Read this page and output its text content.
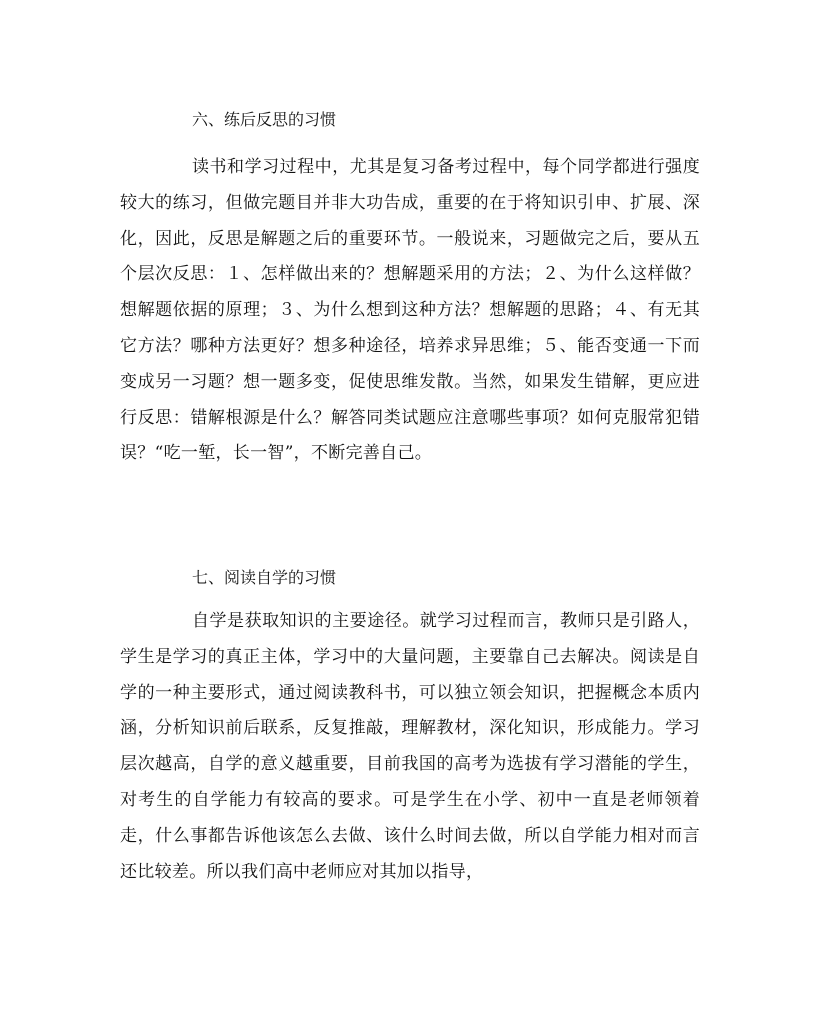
六、练后反思的习惯

读书和学习过程中，尤其是复习备考过程中，每个同学都进行强度较大的练习，但做完题目并非大功告成，重要的在于将知识引申、扩展、深化，因此，反思是解题之后的重要环节。一般说来，习题做完之后，要从五个层次反思：１、怎样做出来的？想解题采用的方法；２、为什么这样做？想解题依据的原理；３、为什么想到这种方法？想解题的思路；４、有无其它方法？哪种方法更好？想多种途径，培养求异思维；５、能否变通一下而变成另一习题？想一题多变，促使思维发散。当然，如果发生错解，更应进行反思：错解根源是什么？解答同类试题应注意哪些事项？如何克服常犯错误？“吃一堑，长一智”，不断完善自己。

七、阅读自学的习惯

自学是获取知识的主要途径。就学习过程而言，教师只是引路人，学生是学习的真正主体，学习中的大量问题，主要靠自己去解决。阅读是自学的一种主要形式，通过阅读教科书，可以独立领会知识，把握概念本质内涵，分析知识前后联系，反复推敲，理解教材，深化知识，形成能力。学习层次越高，自学的意义越重要，目前我国的高考为选拔有学习潜能的学生，对考生的自学能力有较高的要求。可是学生在小学、初中一直是老师领着走，什么事都告诉他该怎么去做、该什么时间去做，所以自学能力相对而言还比较差。所以我们高中老师应对其加以指导，
